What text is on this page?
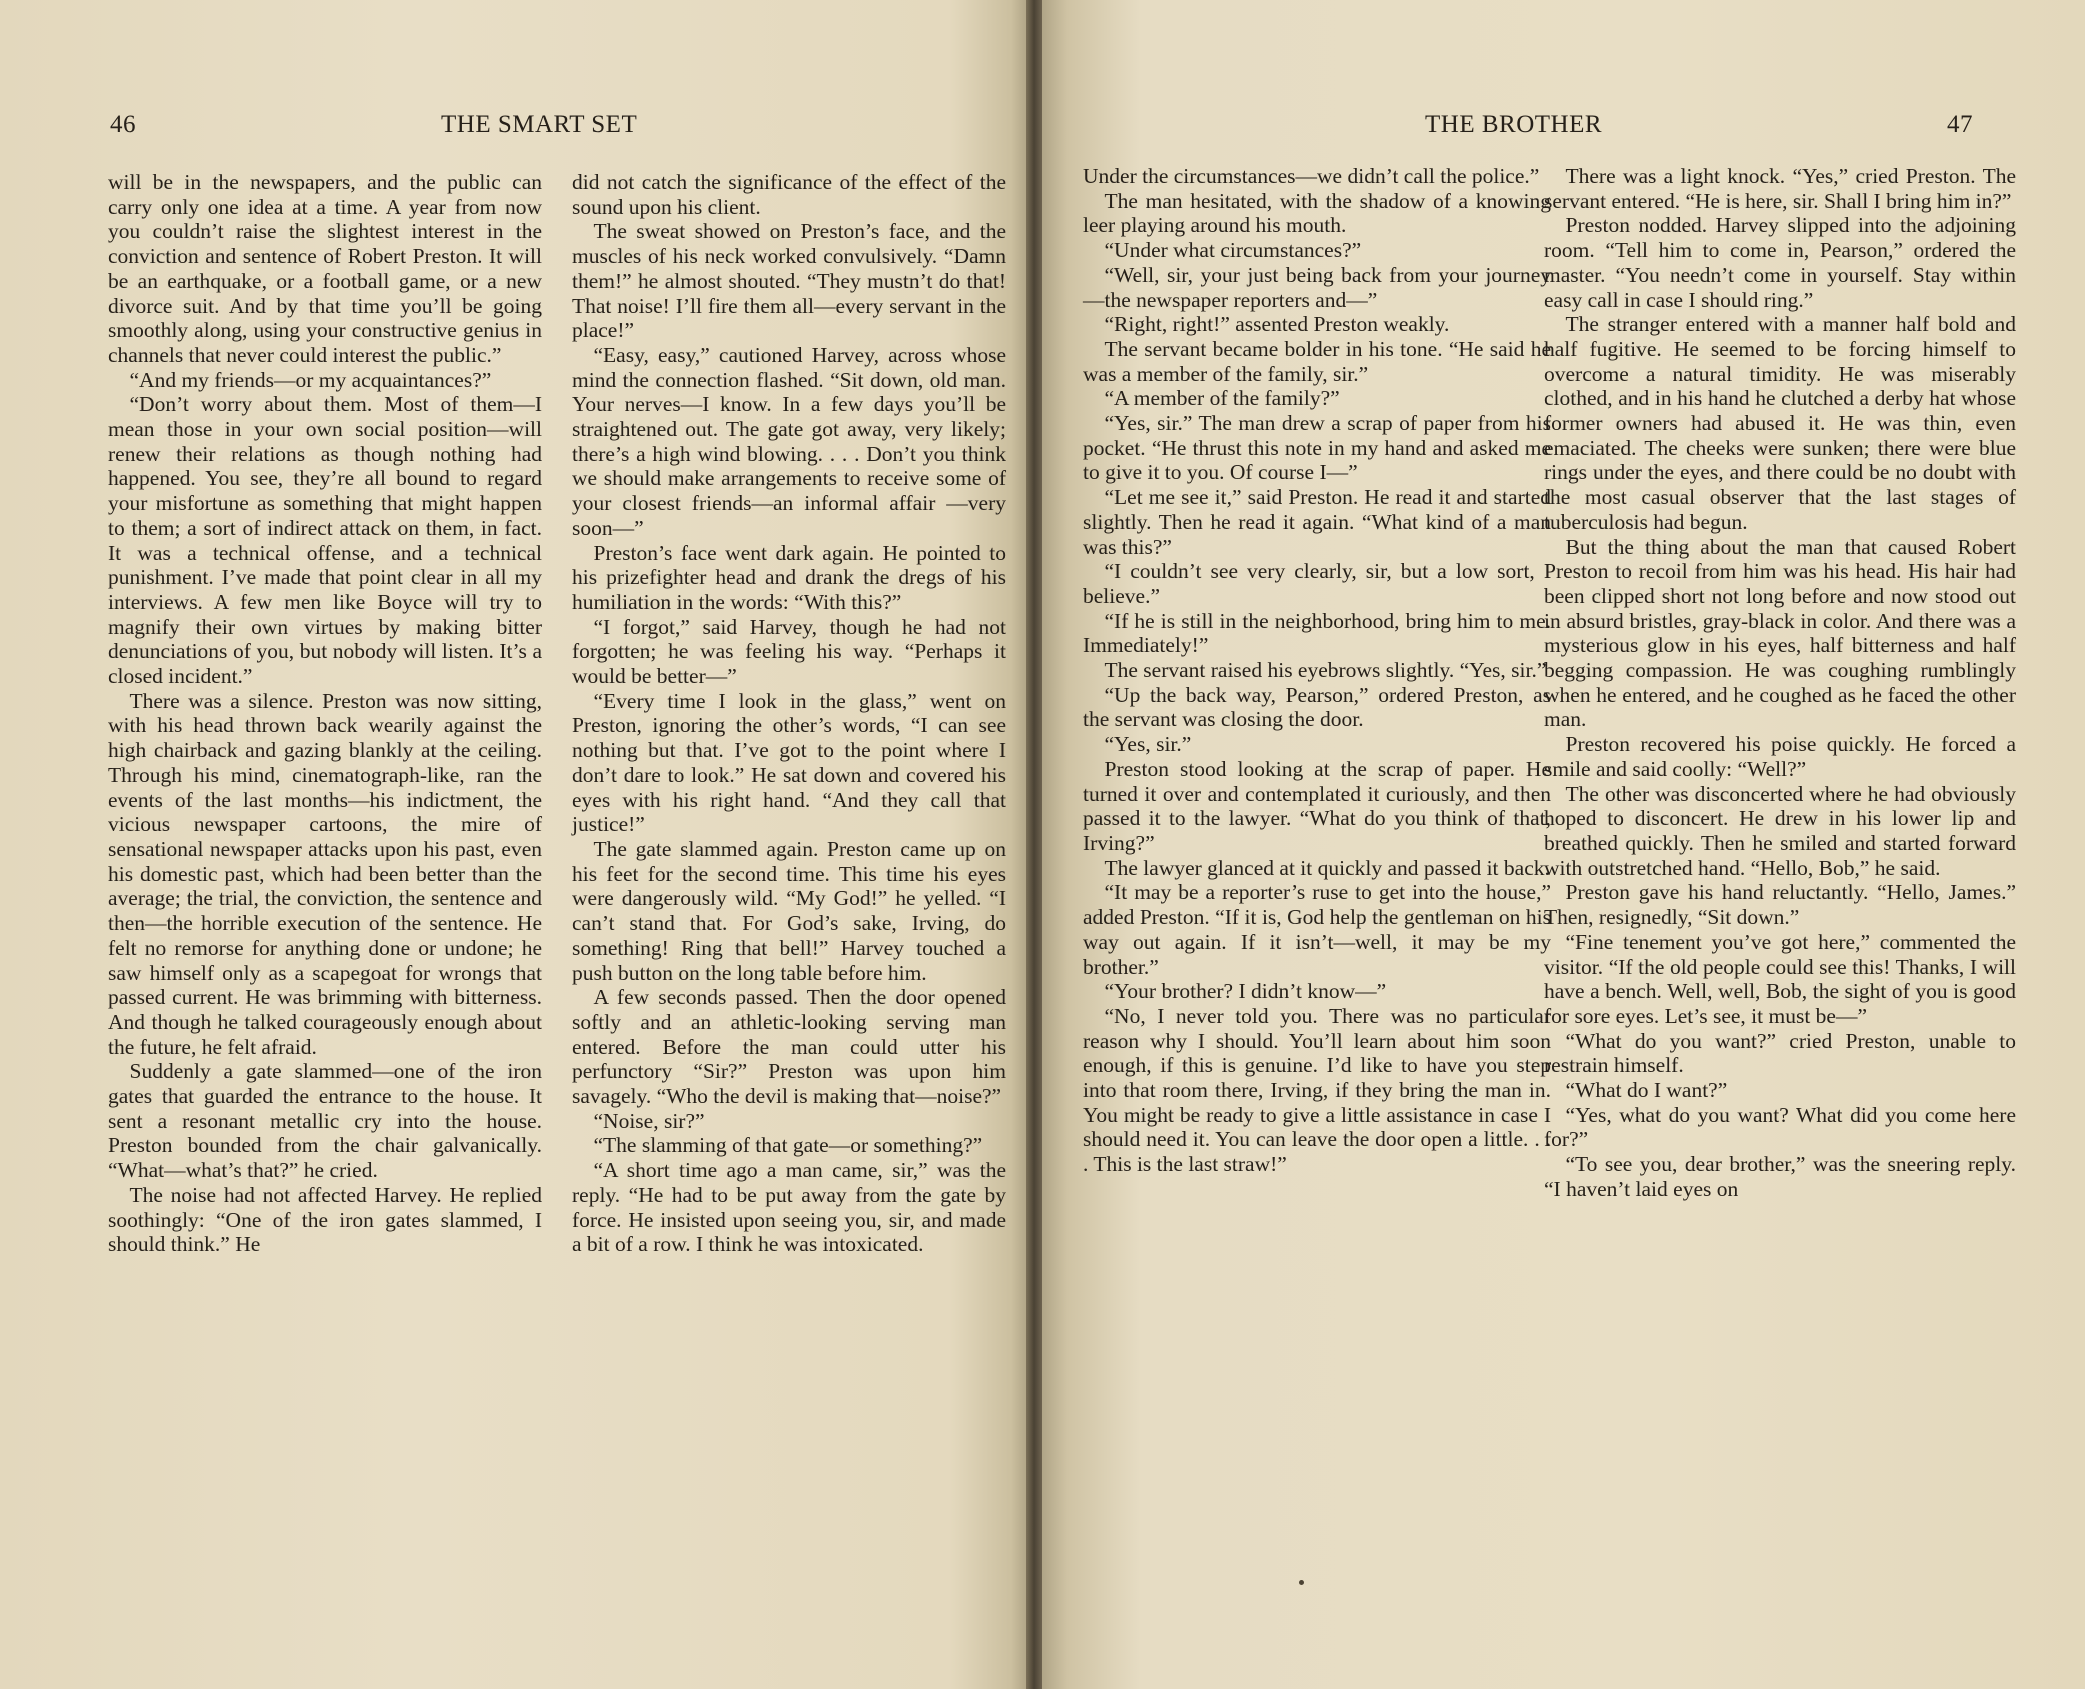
46	THE SMART SET

will be in the newspapers, and the public can carry only one idea at a time. A year from now you couldn’t raise the slightest interest in the conviction and sentence of Robert Preston. It will be an earthquake, or a football game, or a new divorce suit. And by that time you’ll be going smoothly along, using your constructive genius in channels that never could interest the public.”

“And my friends—or my acquaintances?”

“Don’t worry about them. Most of them—I mean those in your own social position—will renew their relations as though nothing had happened. You see, they’re all bound to regard your misfortune as something that might happen to them; a sort of indirect attack on them, in fact. It was a technical offense, and a technical punishment. I’ve made that point clear in all my interviews. A few men like Boyce will try to magnify their own virtues by making bitter denunciations of you, but nobody will listen. It’s a closed incident.”

There was a silence. Preston was now sitting, with his head thrown back wearily against the high chairback and gazing blankly at the ceiling. Through his mind, cinematograph-like, ran the events of the last months—his indictment, the vicious newspaper cartoons, the mire of sensational newspaper attacks upon his past, even his domestic past, which had been better than the average; the trial, the conviction, the sentence and then—the horrible execution of the sentence. He felt no remorse for anything done or undone; he saw himself only as a scapegoat for wrongs that passed current. He was brimming with bitterness. And though he talked courageously enough about the future, he felt afraid.

Suddenly a gate slammed—one of the iron gates that guarded the entrance to the house. It sent a resonant metallic cry into the house. Preston bounded from the chair galvanically. “What—what’s that?” he cried.

The noise had not affected Harvey. He replied soothingly: “One of the iron gates slammed, I should think.” He

did not catch the significance of the effect of the sound upon his client.

The sweat showed on Preston’s face, and the muscles of his neck worked convulsively. “Damn them!” he almost shouted. “They mustn’t do that! That noise! I’ll fire them all—every servant in the place!”

“Easy, easy,” cautioned Harvey, across whose mind the connection flashed. “Sit down, old man. Your nerves—I know. In a few days you’ll be straightened out. The gate got away, very likely; there’s a high wind blowing. . . . Don’t you think we should make arrangements to receive some of your closest friends—an informal affair —very soon—”

Preston’s face went dark again. He pointed to his prizefighter head and drank the dregs of his humiliation in the words: “With this?”

“I forgot,” said Harvey, though he had not forgotten; he was feeling his way. “Perhaps it would be better—”

“Every time I look in the glass,” went on Preston, ignoring the other’s words, “I can see nothing but that. I’ve got to the point where I don’t dare to look.” He sat down and covered his eyes with his right hand. “And they call that justice!”

The gate slammed again. Preston came up on his feet for the second time. This time his eyes were dangerously wild. “My God!” he yelled. “I can’t stand that. For God’s sake, Irving, do something! Ring that bell!” Harvey touched a push button on the long table before him.

A few seconds passed. Then the door opened softly and an athletic-looking serving man entered. Before the man could utter his perfunctory “Sir?” Preston was upon him savagely. “Who the devil is making that—noise?”

“Noise, sir?”

“The slamming of that gate—or something?”

“A short time ago a man came, sir,” was the reply. “He had to be put away from the gate by force. He insisted upon seeing you, sir, and made a bit of a row. I think he was intoxicated.

THE BROTHER	47

Under the circumstances—we didn’t call the police.”

The man hesitated, with the shadow of a knowing leer playing around his mouth.

“Under what circumstances?”

“Well, sir, your just being back from your journey—the newspaper reporters and—”

“Right, right!” assented Preston weakly.

The servant became bolder in his tone. “He said he was a member of the family, sir.”

“A member of the family?”

“Yes, sir.” The man drew a scrap of paper from his pocket. “He thrust this note in my hand and asked me to give it to you. Of course I—”

“Let me see it,” said Preston. He read it and started slightly. Then he read it again. “What kind of a man was this?”

“I couldn’t see very clearly, sir, but a low sort, I believe.”

“If he is still in the neighborhood, bring him to me. Immediately!”

The servant raised his eyebrows slightly. “Yes, sir.”

“Up the back way, Pearson,” ordered Preston, as the servant was closing the door.

“Yes, sir.”

Preston stood looking at the scrap of paper. He turned it over and contemplated it curiously, and then passed it to the lawyer. “What do you think of that, Irving?”

The lawyer glanced at it quickly and passed it back.

“It may be a reporter’s ruse to get into the house,” added Preston. “If it is, God help the gentleman on his way out again. If it isn’t—well, it may be my brother.”

“Your brother? I didn’t know—”

“No, I never told you. There was no particular reason why I should. You’ll learn about him soon enough, if this is genuine. I’d like to have you step into that room there, Irving, if they bring the man in. You might be ready to give a little assistance in case I should need it. You can leave the door open a little. . . . This is the last straw!”

There was a light knock. “Yes,” cried Preston. The servant entered. “He is here, sir. Shall I bring him in?”

Preston nodded. Harvey slipped into the adjoining room. “Tell him to come in, Pearson,” ordered the master. “You needn’t come in yourself. Stay within easy call in case I should ring.”

The stranger entered with a manner half bold and half fugitive. He seemed to be forcing himself to overcome a natural timidity. He was miserably clothed, and in his hand he clutched a derby hat whose former owners had abused it. He was thin, even emaciated. The cheeks were sunken; there were blue rings under the eyes, and there could be no doubt with the most casual observer that the last stages of tuberculosis had begun.

But the thing about the man that caused Robert Preston to recoil from him was his head. His hair had been clipped short not long before and now stood out in absurd bristles, gray-black in color. And there was a mysterious glow in his eyes, half bitterness and half begging compassion. He was coughing rumblingly when he entered, and he coughed as he faced the other man.

Preston recovered his poise quickly. He forced a smile and said coolly: “Well?”

The other was disconcerted where he had obviously hoped to disconcert. He drew in his lower lip and breathed quickly. Then he smiled and started forward with outstretched hand. “Hello, Bob,” he said.

Preston gave his hand reluctantly. “Hello, James.” Then, resignedly, “Sit down.”

“Fine tenement you’ve got here,” commented the visitor. “If the old people could see this! Thanks, I will have a bench. Well, well, Bob, the sight of you is good for sore eyes. Let’s see, it must be—”

“What do you want?” cried Preston, unable to restrain himself.

“What do I want?”

“Yes, what do you want? What did you come here for?”

“To see you, dear brother,” was the sneering reply. “I haven’t laid eyes on
